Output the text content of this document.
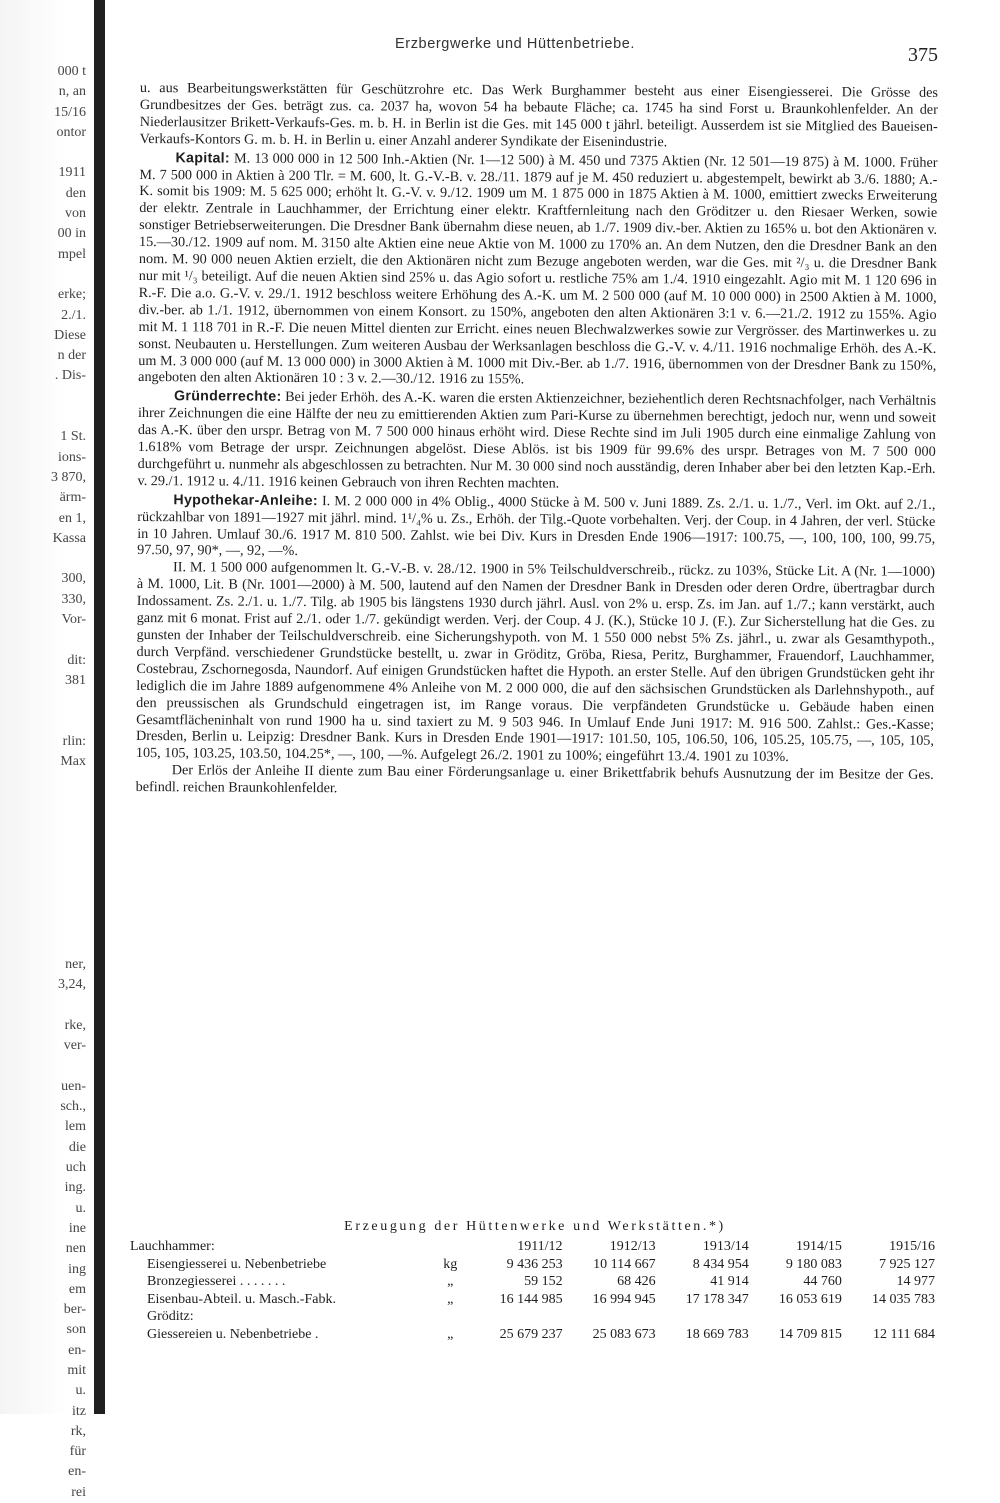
000 t
n, an
15/16
ontor

1911
den
von
00 in
mpel

erke;
2./1.
Diese
n der
. Dis-

1 St.
ions-
3 870,
ärm-
en 1,
Kassa

300,
330,
Vor-

dit:
381

rlin:
Max

ner,
3,24,

rke,
ver-

uen-
sch.,
lem
die
uch
ing.
u.
ine
nen
ing
em
ber-
son
en-
mit
u.
itz
rk,
für
en-
rei
Erzbergwerke und Hüttenbetriebe.	375

u. aus Bearbeitungswerkstätten für Geschützrohre etc. Das Werk Burghammer besteht aus einer Eisengiesserei. Die Grösse des Grundbesitzes der Ges. beträgt zus. ca. 2037 ha, wovon 54 ha bebaute Fläche; ca. 1745 ha sind Forst u. Braunkohlenfelder. An der Niederlausitzer Brikett-Verkaufs-Ges. m. b. H. in Berlin ist die Ges. mit 145 000 t jährl. beteiligt. Ausserdem ist sie Mitglied des Baueisen-Verkaufs-Kontors G. m. b. H. in Berlin u. einer Anzahl anderer Syndikate der Eisenindustrie.

Kapital: M. 13 000 000 in 12 500 Inh.-Aktien (Nr. 1—12 500) à M. 450 und 7375 Aktien (Nr. 12 501—19 875) à M. 1000. Früher M. 7 500 000 in Aktien à 200 Tlr. = M. 600, lt. G.-V.-B. v. 28./11. 1879 auf je M. 450 reduziert u. abgestempelt, bewirkt ab 3./6. 1880; A.-K. somit bis 1909: M. 5 625 000; erhöht lt. G.-V. v. 9./12. 1909 um M. 1 875 000 in 1875 Aktien à M. 1000, emittiert zwecks Erweiterung der elektr. Zentrale in Lauchhammer, der Errichtung einer elektr. Kraftfernleitung nach den Gröditzer u. den Riesaer Werken, sowie sonstiger Betriebserweiterungen. Die Dresdner Bank übernahm diese neuen, ab 1./7. 1909 div.-ber. Aktien zu 165% u. bot den Aktionären v. 15.—30./12. 1909 auf nom. M. 3150 alte Aktien eine neue Aktie von M. 1000 zu 170% an. An dem Nutzen, den die Dresdner Bank an den nom. M. 90 000 neuen Aktien erzielt, die den Aktionären nicht zum Bezuge angeboten werden, war die Ges. mit ²/₃ u. die Dresdner Bank nur mit ¹/₃ beteiligt. Auf die neuen Aktien sind 25% u. das Agio sofort u. restliche 75% am 1./4. 1910 eingezahlt. Agio mit M. 1 120 696 in R.-F. Die a.o. G.-V. v. 29./1. 1912 beschloss weitere Erhöhung des A.-K. um M. 2 500 000 (auf M. 10 000 000) in 2500 Aktien à M. 1000, div.-ber. ab 1./1. 1912, übernommen von einem Konsort. zu 150%, angeboten den alten Aktionären 3:1 v. 6.—21./2. 1912 zu 155%. Agio mit M. 1 118 701 in R.-F. Die neuen Mittel dienten zur Erricht. eines neuen Blechwalzwerkes sowie zur Vergrösser. des Martinwerkes u. zu sonst. Neubauten u. Herstellungen. Zum weiteren Ausbau der Werksanlagen beschloss die G.-V. v. 4./11. 1916 nochmalige Erhöh. des A.-K. um M. 3 000 000 (auf M. 13 000 000) in 3000 Aktien à M. 1000 mit Div.-Ber. ab 1./7. 1916, übernommen von der Dresdner Bank zu 150%, angeboten den alten Aktionären 10 : 3 v. 2.—30./12. 1916 zu 155%.

Gründerrechte: Bei jeder Erhöh. des A.-K. waren die ersten Aktienzeichner, beziehentlich deren Rechtsnachfolger, nach Verhältnis ihrer Zeichnungen die eine Hälfte der neu zu emittierenden Aktien zum Pari-Kurse zu übernehmen berechtigt, jedoch nur, wenn und soweit das A.-K. über den urspr. Betrag von M. 7 500 000 hinaus erhöht wird. Diese Rechte sind im Juli 1905 durch eine einmalige Zahlung von 1.618% vom Betrage der urspr. Zeichnungen abgelöst. Diese Ablös. ist bis 1909 für 99.6% des urspr. Betrages von M. 7 500 000 durchgeführt u. nunmehr als abgeschlossen zu betrachten. Nur M. 30 000 sind noch ausständig, deren Inhaber aber bei den letzten Kap.-Erh. v. 29./1. 1912 u. 4./11. 1916 keinen Gebrauch von ihren Rechten machten.

Hypothekar-Anleihe: I. M. 2 000 000 in 4% Oblig., 4000 Stücke à M. 500 v. Juni 1889. Zs. 2./1. u. 1./7., Verl. im Okt. auf 2./1., rückzahlbar von 1891—1927 mit jährl. mind. 1¹/₄% u. Zs., Erhöh. der Tilg.-Quote vorbehalten. Verj. der Coup. in 4 Jahren, der verl. Stücke in 10 Jahren. Umlauf 30./6. 1917 M. 810 500. Zahlst. wie bei Div. Kurs in Dresden Ende 1906—1917: 100.75, —, 100, 100, 100, 99.75, 97.50, 97, 90*, —, 92, —%.

II. M. 1 500 000 aufgenommen lt. G.-V.-B. v. 28./12. 1900 in 5% Teilschuldverschreib., rückz. zu 103%, Stücke Lit. A (Nr. 1—1000) à M. 1000, Lit. B (Nr. 1001—2000) à M. 500, lautend auf den Namen der Dresdner Bank in Dresden oder deren Ordre, übertragbar durch Indossament. Zs. 2./1. u. 1./7. Tilg. ab 1905 bis längstens 1930 durch jährl. Ausl. von 2% u. ersp. Zs. im Jan. auf 1./7.; kann verstärkt, auch ganz mit 6 monat. Frist auf 2./1. oder 1./7. gekündigt werden. Verj. der Coup. 4 J. (K.), Stücke 10 J. (F.). Zur Sicherstellung hat die Ges. zu gunsten der Inhaber der Teilschuldverschreib. eine Sicherungshypoth. von M. 1 550 000 nebst 5% Zs. jährl., u. zwar als Gesamthypoth., durch Verpfänd. verschiedener Grundstücke bestellt, u. zwar in Gröditz, Gröba, Riesa, Peritz, Burghammer, Frauendorf, Lauchhammer, Costebrau, Zschornegosda, Naundorf. Auf einigen Grundstücken haftet die Hypoth. an erster Stelle. Auf den übrigen Grundstücken geht ihr lediglich die im Jahre 1889 aufgenommene 4% Anleihe von M. 2 000 000, die auf den sächsischen Grundstücken als Darlehnshypoth., auf den preussischen als Grundschuld eingetragen ist, im Range voraus. Die verpfändeten Grundstücke u. Gebäude haben einen Gesamtflächeninhalt von rund 1900 ha u. sind taxiert zu M. 9 503 946. In Umlauf Ende Juni 1917: M. 916 500. Zahlst.: Ges.-Kasse; Dresden, Berlin u. Leipzig: Dresdner Bank. Kurs in Dresden Ende 1901—1917: 101.50, 105, 106.50, 106, 105.25, 105.75, —, 105, 105, 105, 105, 103.25, 103.50, 104.25*, —, 100, —%. Aufgelegt 26./2. 1901 zu 100%; eingeführt 13./4. 1901 zu 103%.

Der Erlös der Anleihe II diente zum Bau einer Förderungsanlage u. einer Brikettfabrik behufs Ausnutzung der im Besitze der Ges. befindl. reichen Braunkohlenfelder.

Erzeugung der Hüttenwerke und Werkstätten.*)
Lauchhammer:		1911/12	1912/13	1913/14	1914/15	1915/16
Eisengiesserei u. Nebenbetriebe	kg	9 436 253	10 114 667	8 434 954	9 180 083	7 925 127
Bronzegiesserei . . . . . . .	„	59 152	68 426	41 914	44 760	14 977
Eisenbau-Abteil. u. Masch.-Fabk.	„	16 144 985	16 994 945	17 178 347	16 053 619	14 035 783
Gröditz:						
Giessereien u. Nebenbetriebe .	„	25 679 237	25 083 673	18 669 783	14 709 815	12 111 684
